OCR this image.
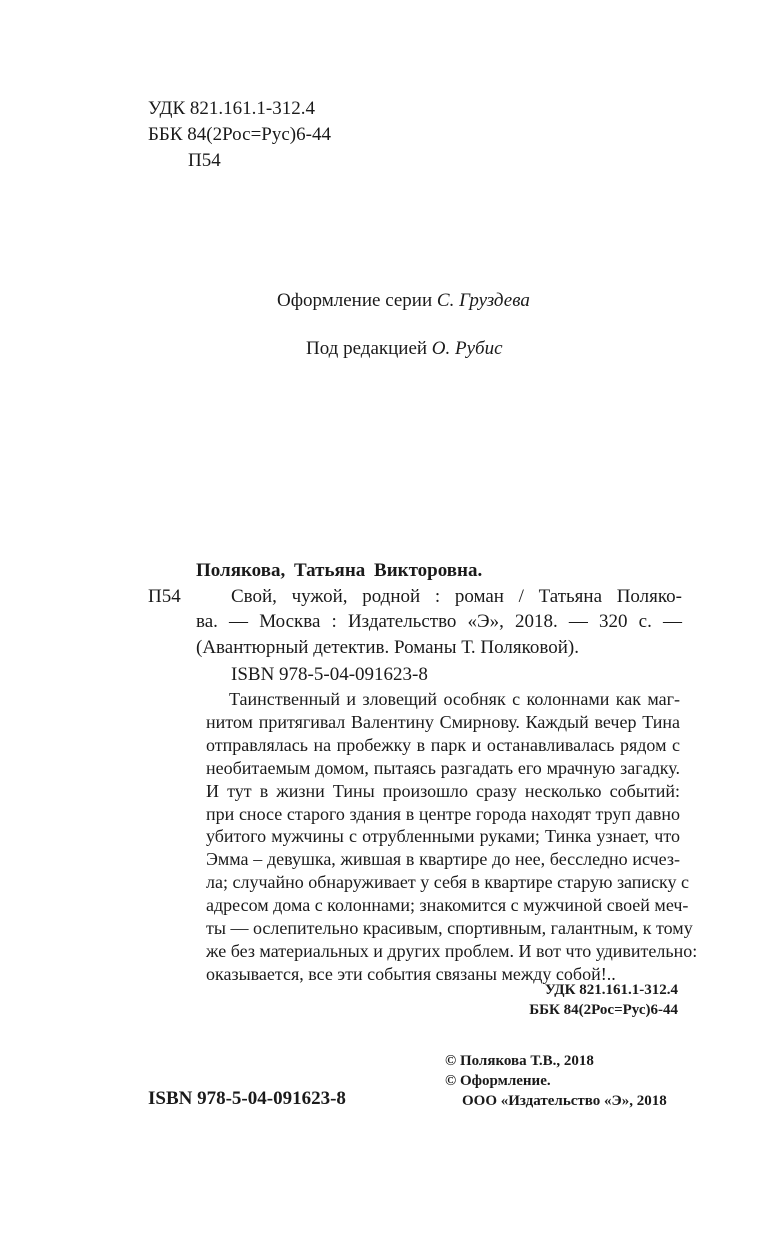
УДК 821.161.1-312.4
ББК 84(2Рос=Рус)6-44
П54
Оформление серии С. Груздева
Под редакцией О. Рубис
Полякова, Татьяна Викторовна.
П54	Свой, чужой, родной : роман / Татьяна Поляко-
ва. — Москва : Издательство «Э», 2018. — 320 с. —
(Авантюрный детектив. Романы Т. Поляковой).
ISBN 978-5-04-091623-8
Таинственный и зловещий особняк с колоннами как маг-
нитом притягивал Валентину Смирнову. Каждый вечер Тина
отправлялась на пробежку в парк и останавливалась рядом с
необитаемым домом, пытаясь разгадать его мрачную загадку.
И тут в жизни Тины произошло сразу несколько событий:
при сносе старого здания в центре города находят труп давно
убитого мужчины с отрубленными руками; Тинка узнает, что
Эмма – девушка, жившая в квартире до нее, бесследно исчез-
ла; случайно обнаруживает у себя в квартире старую записку с
адресом дома с колоннами; знакомится с мужчиной своей меч-
ты — ослепительно красивым, спортивным, галантным, к тому
же без материальных и других проблем. И вот что удивительно:
оказывается, все эти события связаны между собой!..
УДК 821.161.1-312.4
ББК 84(2Рос=Рус)6-44
© Полякова Т.В., 2018
© Оформление.
ООО «Издательство «Э», 2018
ISBN 978-5-04-091623-8
